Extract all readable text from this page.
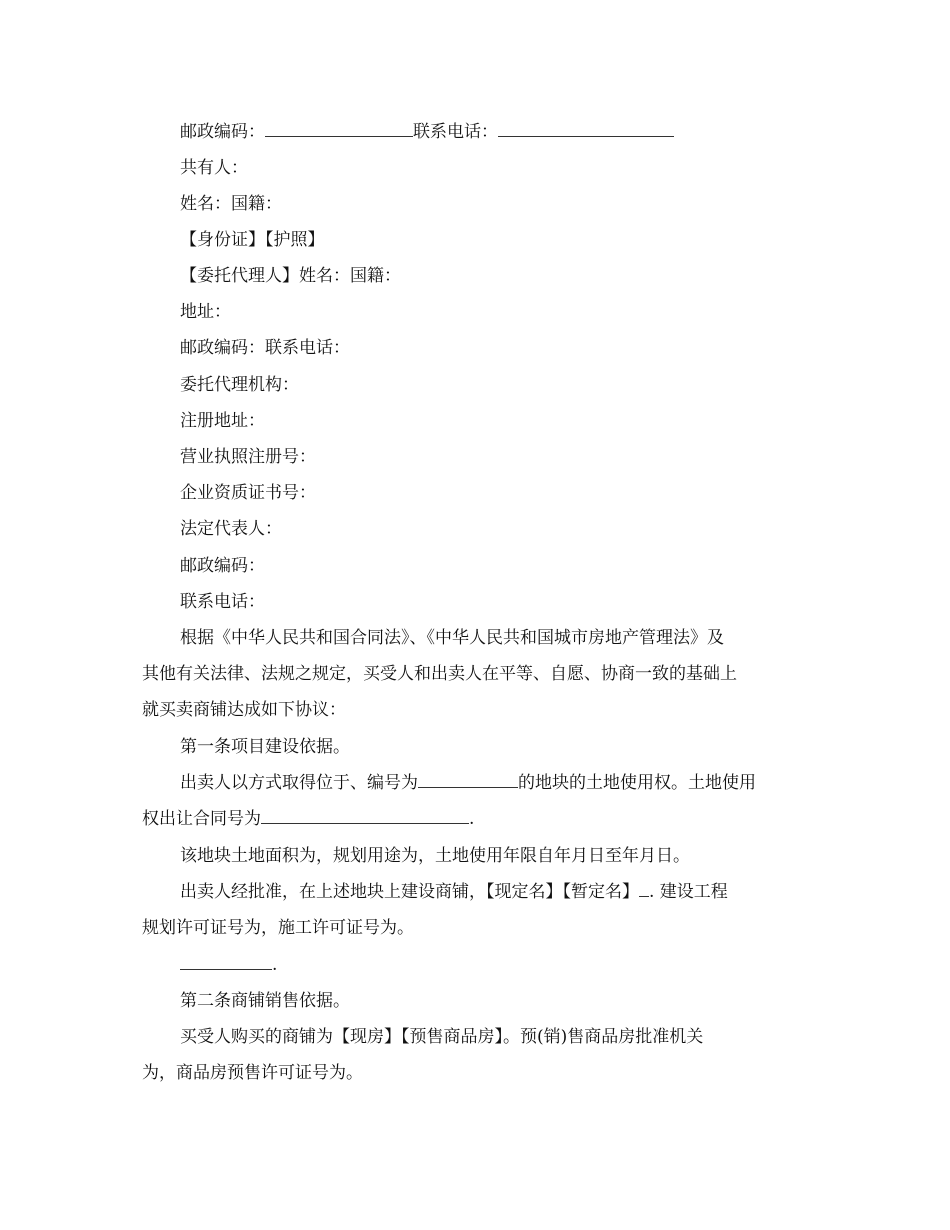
邮政编码：	联系电话：
共有人：
姓名：国籍：
【身份证】【护照】
【委托代理人】姓名：国籍：
地址：
邮政编码：联系电话：
委托代理机构：
注册地址：
营业执照注册号：
企业资质证书号：
法定代表人：
邮政编码：
联系电话：
根据《中华人民共和国合同法》、《中华人民共和国城市房地产管理法》及
其他有关法律、法规之规定，买受人和出卖人在平等、自愿、协商一致的基础上
就买卖商铺达成如下协议：
第一条项目建设依据。
出卖人以方式取得位于、编号为	的地块的土地使用权。土地使用
权出让合同号为	.
该地块土地面积为，规划用途为，土地使用年限自年月日至年月日。
出卖人经批准，在上述地块上建设商铺，【现定名】【暂定名】 . 建设工程
规划许可证号为，施工许可证号为。
.
第二条商铺销售依据。
买受人购买的商铺为【现房】【预售商品房】。预(销)售商品房批准机关
为，商品房预售许可证号为。
